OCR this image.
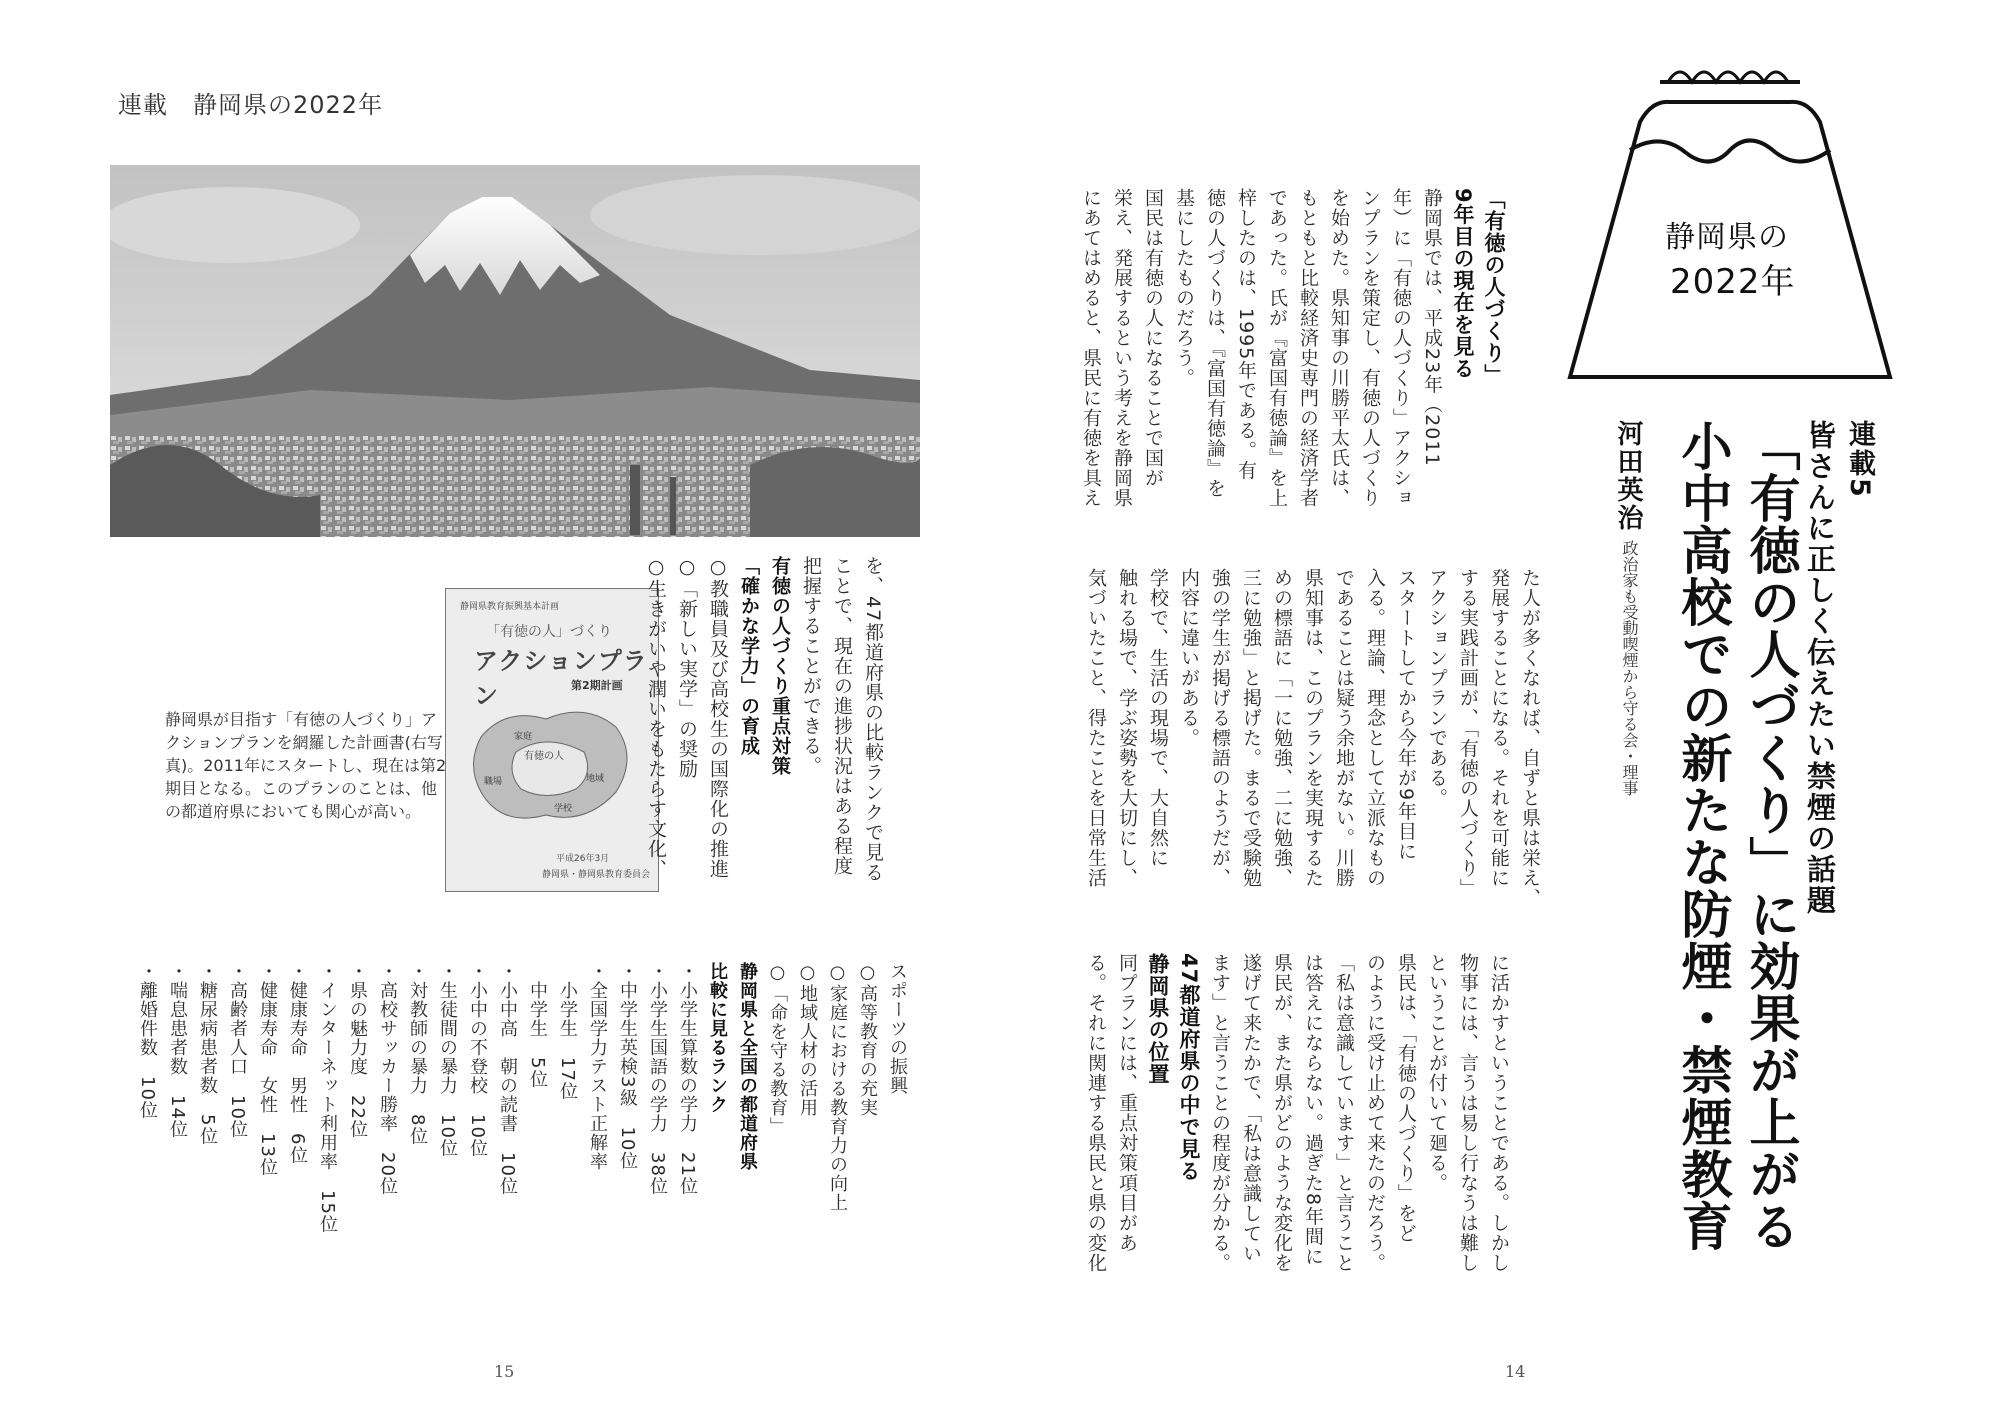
連載　静岡県の2022年
静岡県教育振興基本計画
「有徳の人」づくり
アクションプラン	第2期計画
有徳の人
家庭
地域
学校
職場
平成26年3月
静岡県・静岡県教育委員会
静岡県が目指す「有徳の人づくり」アクションプランを網羅した計画書(右写真)。2011年にスタートし、現在は第2期目となる。このプランのことは、他の都道府県においても関心が高い。	を、47都道府県の比較ランクで見る

ことで、現在の進捗状況はある程度

把握することができる。

有徳の人づくり重点対策

「確かな学力」の育成

○教職員及び高校生の国際化の推進

○「新しい実学」の奨励

○生きがいや潤いをもたらす文化、

スポーツの振興

○高等教育の充実

○家庭における教育力の向上

○地域人材の活用

○「命を守る教育」

静岡県と全国の都道府県

比較に見るランク

・小学生算数の学力　21位

・小学生国語の学力　38位

・中学生英検3級　10位

・全国学力テスト正解率

　小学生　17位

　中学生　5位

・小中高　朝の読書　10位

・小中の不登校　10位

・生徒間の暴力　10位

・対教師の暴力　8位

・高校サッカー勝率　20位

・県の魅力度　22位

・インターネット利用率　15位

・健康寿命　男性　6位

・健康寿命　女性　13位

・高齢者人口　10位

・糖尿病患者数　5位

・喘息患者数　14位

・離婚件数　10位

15
静岡県の
2022年
連載5
皆さんに正しく伝えたい禁煙の話題
「有徳の人づくり」に効果が上がる
小中高校での新たな防煙・禁煙教育
河田英治
政治家も受動喫煙から守る会・理事

「有徳の人づくり」

9年目の現在を見る

静岡県では、平成23年（2011

年）に「有徳の人づくり」アクショ

ンプランを策定し、有徳の人づくり

を始めた。県知事の川勝平太氏は、

もともと比較経済史専門の経済学者

であった。氏が『富国有徳論』を上

梓したのは、1995年である。有

徳の人づくりは、『富国有徳論』を

基にしたものだろう。

国民は有徳の人になることで国が

栄え、発展するという考えを静岡県

にあてはめると、県民に有徳を具え

た人が多くなれば、自ずと県は栄え、

発展することになる。それを可能に

する実践計画が、「有徳の人づくり」

アクションプランである。

スタートしてから今年が9年目に

入る。理論、理念として立派なもの

であることは疑う余地がない。川勝

県知事は、このプランを実現するた

めの標語に「一に勉強、二に勉強、

三に勉強」と掲げた。まるで受験勉

強の学生が掲げる標語のようだが、

内容に違いがある。

学校で、生活の現場で、大自然に

触れる場で、学ぶ姿勢を大切にし、

気づいたこと、得たことを日常生活

に活かすということである。しかし

物事には、言うは易し行なうは難し

ということが付いて廻る。

県民は、「有徳の人づくり」をど

のように受け止めて来たのだろう。

「私は意識しています」と言うこと

は答えにならない。過ぎた8年間に

県民が、また県がどのような変化を

遂げて来たかで、「私は意識してい

ます」と言うことの程度が分かる。

47都道府県の中で見る

静岡県の位置

同プランには、重点対策項目があ

る。それに関連する県民と県の変化

14
